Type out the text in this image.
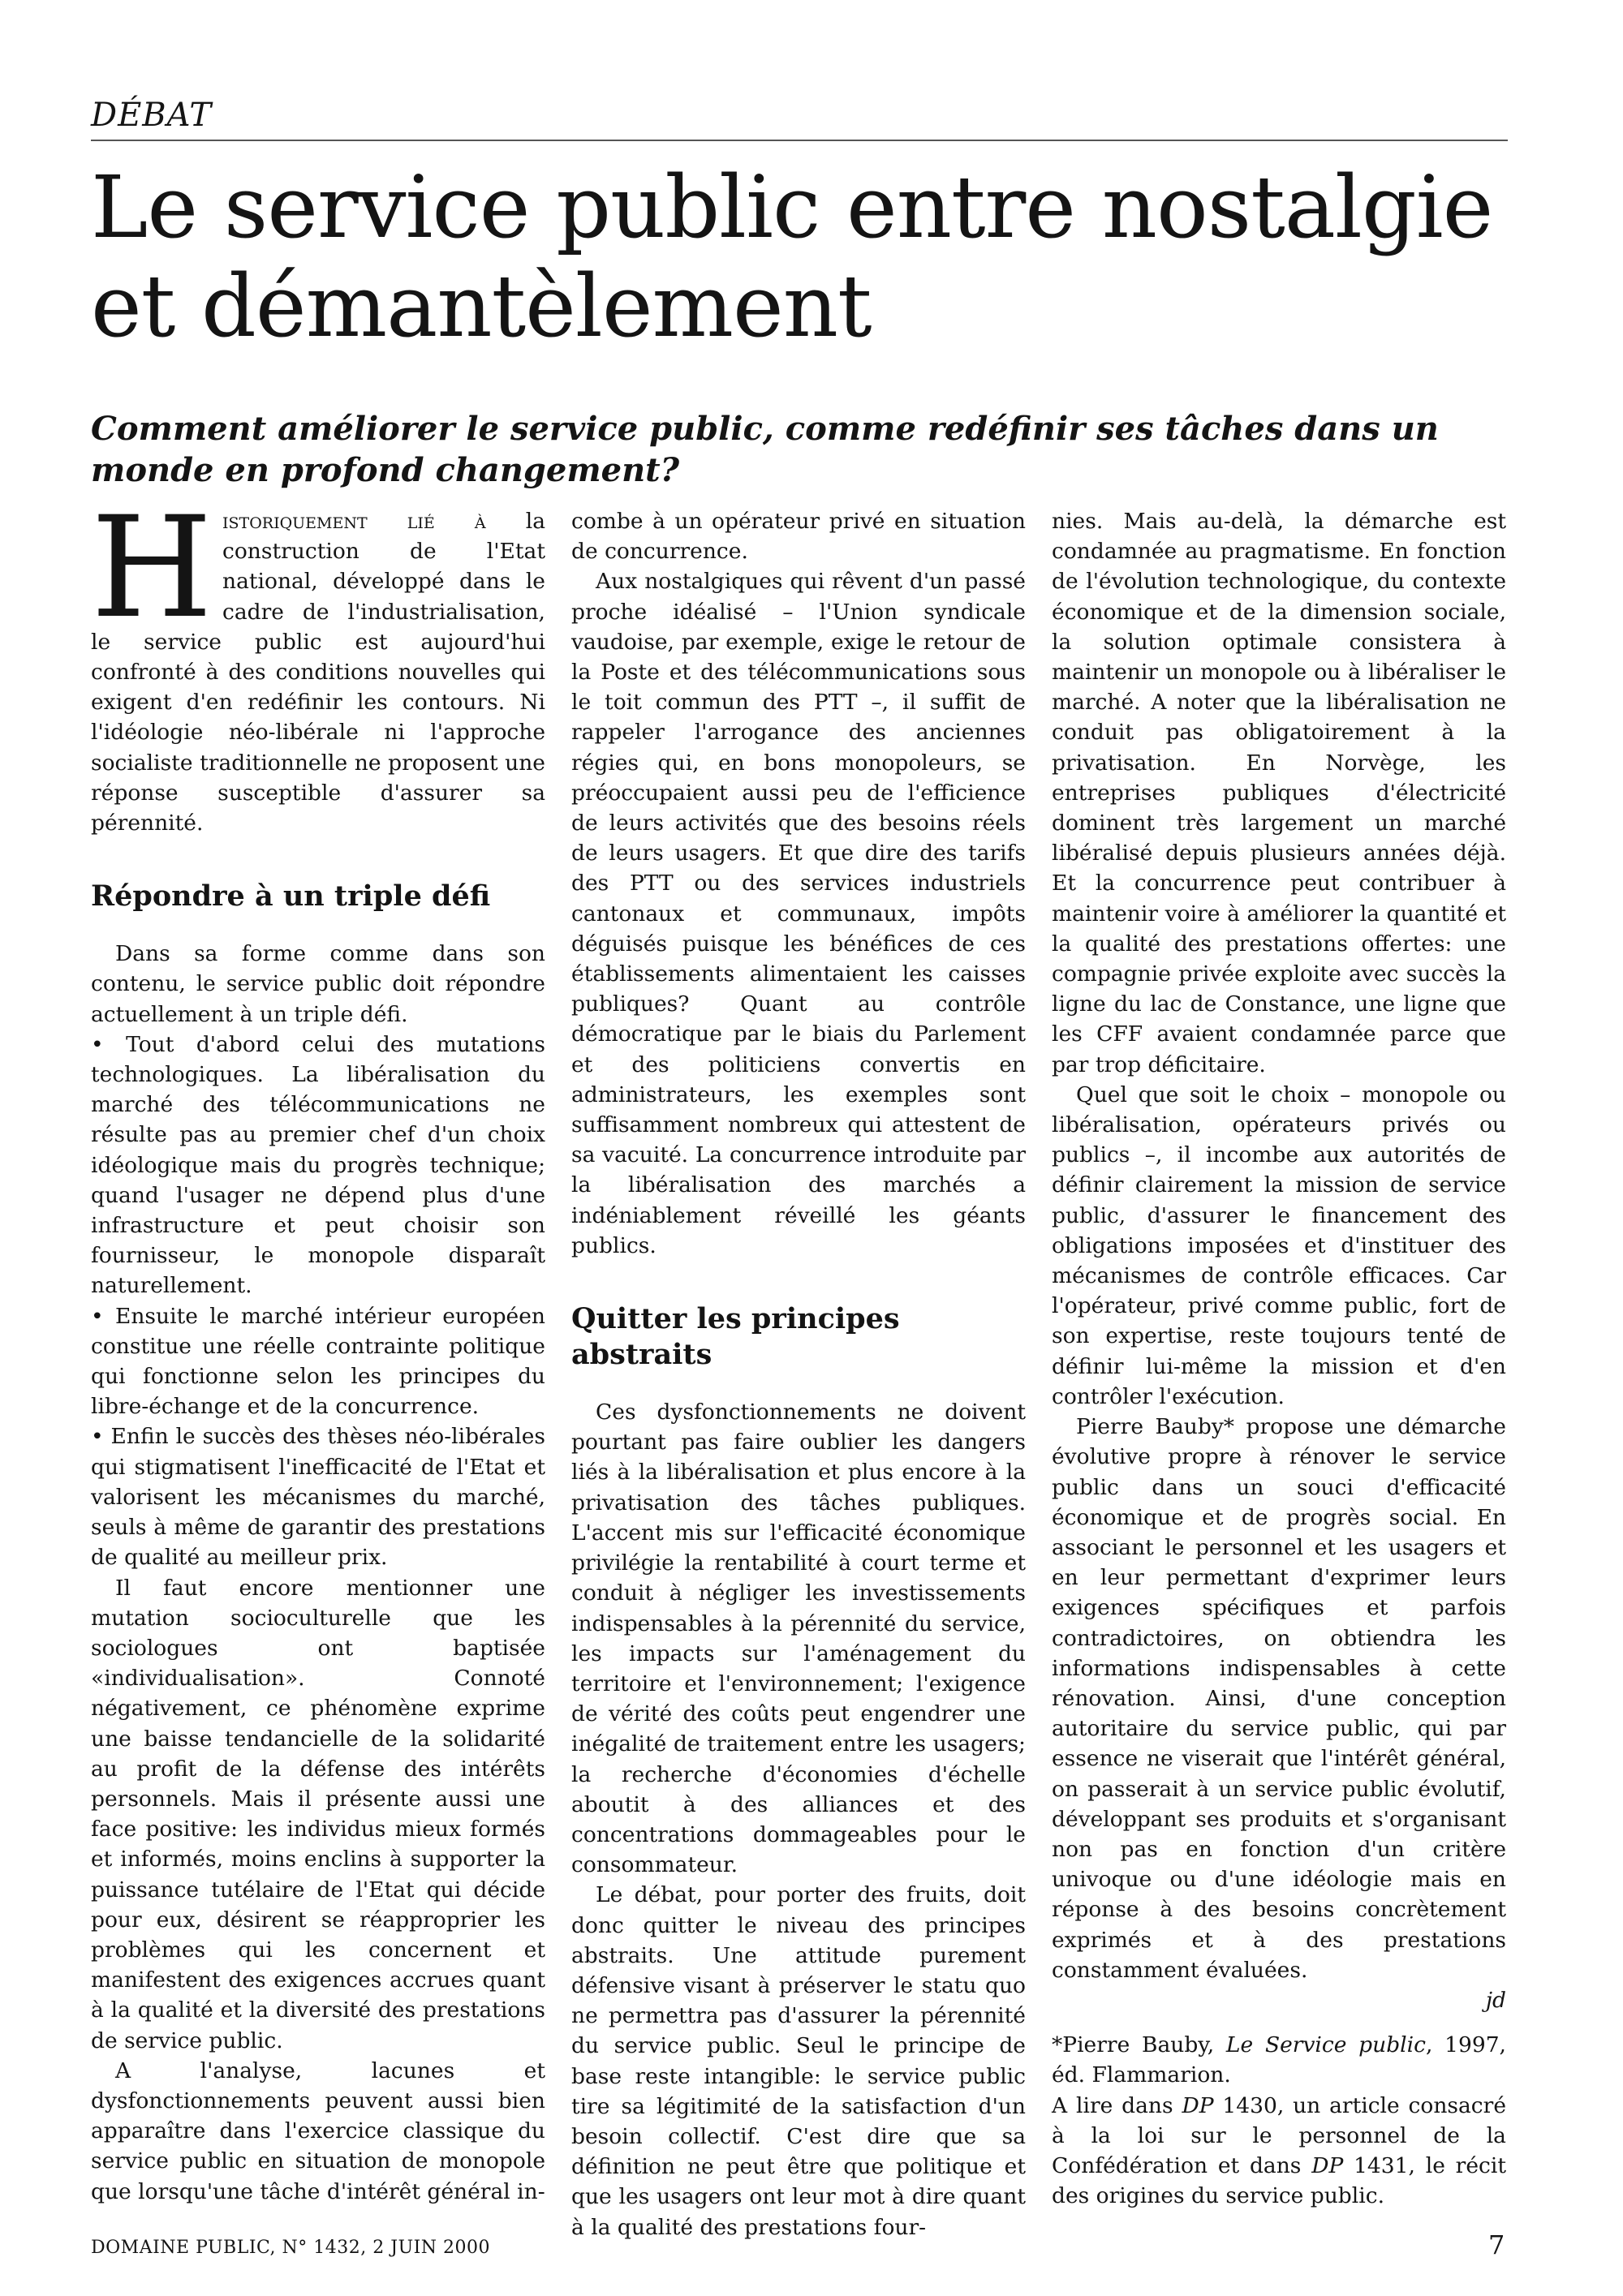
DÉBAT
Le service public entre nostalgie
et démantèlement

Comment améliorer le service public, comme redéfinir ses tâches dans un monde en profond changement?

Historiquement lié à la construction de l'Etat national, développé dans le cadre de l'industrialisation, le service public est aujourd'hui confronté à des conditions nouvelles qui exigent d'en redéfinir les contours. Ni l'idéologie néo-libérale ni l'approche socialiste traditionnelle ne proposent une réponse susceptible d'assurer sa pérennité.

Répondre à un triple défi

Dans sa forme comme dans son contenu, le service public doit répondre actuellement à un triple défi.

• Tout d'abord celui des mutations technologiques. La libéralisation du marché des télécommunications ne résulte pas au premier chef d'un choix idéologique mais du progrès technique; quand l'usager ne dépend plus d'une infrastructure et peut choisir son fournisseur, le monopole disparaît naturellement.

• Ensuite le marché intérieur européen constitue une réelle contrainte politique qui fonctionne selon les principes du libre-échange et de la concurrence.

• Enfin le succès des thèses néo-libérales qui stigmatisent l'inefficacité de l'Etat et valorisent les mécanismes du marché, seuls à même de garantir des prestations de qualité au meilleur prix.

Il faut encore mentionner une mutation socioculturelle que les sociologues ont baptisée «individualisation». Connoté négativement, ce phénomène exprime une baisse tendancielle de la solidarité au profit de la défense des intérêts personnels. Mais il présente aussi une face positive: les individus mieux formés et informés, moins enclins à supporter la puissance tutélaire de l'Etat qui décide pour eux, désirent se réapproprier les problèmes qui les concernent et manifestent des exigences accrues quant à la qualité et la diversité des prestations de service public.

A l'analyse, lacunes et dysfonctionnements peuvent aussi bien apparaître dans l'exercice classique du service public en situation de monopole que lorsqu'une tâche d'intérêt général in-

combe à un opérateur privé en situation de concurrence.

Aux nostalgiques qui rêvent d'un passé proche idéalisé – l'Union syndicale vaudoise, par exemple, exige le retour de la Poste et des télécommunications sous le toit commun des PTT –, il suffit de rappeler l'arrogance des anciennes régies qui, en bons monopoleurs, se préoccupaient aussi peu de l'efficience de leurs activités que des besoins réels de leurs usagers. Et que dire des tarifs des PTT ou des services industriels cantonaux et communaux, impôts déguisés puisque les bénéfices de ces établissements alimentaient les caisses publiques? Quant au contrôle démocratique par le biais du Parlement et des politiciens convertis en administrateurs, les exemples sont suffisamment nombreux qui attestent de sa vacuité. La concurrence introduite par la libéralisation des marchés a indéniablement réveillé les géants publics.

Quitter les principes abstraits

Ces dysfonctionnements ne doivent pourtant pas faire oublier les dangers liés à la libéralisation et plus encore à la privatisation des tâches publiques. L'accent mis sur l'efficacité économique privilégie la rentabilité à court terme et conduit à négliger les investissements indispensables à la pérennité du service, les impacts sur l'aménagement du territoire et l'environnement; l'exigence de vérité des coûts peut engendrer une inégalité de traitement entre les usagers; la recherche d'économies d'échelle aboutit à des alliances et des concentrations dommageables pour le consommateur.

Le débat, pour porter des fruits, doit donc quitter le niveau des principes abstraits. Une attitude purement défensive visant à préserver le statu quo ne permettra pas d'assurer la pérennité du service public. Seul le principe de base reste intangible: le service public tire sa légitimité de la satisfaction d'un besoin collectif. C'est dire que sa définition ne peut être que politique et que les usagers ont leur mot à dire quant à la qualité des prestations four-

nies. Mais au-delà, la démarche est condamnée au pragmatisme. En fonction de l'évolution technologique, du contexte économique et de la dimension sociale, la solution optimale consistera à maintenir un monopole ou à libéraliser le marché. A noter que la libéralisation ne conduit pas obligatoirement à la privatisation. En Norvège, les entreprises publiques d'électricité dominent très largement un marché libéralisé depuis plusieurs années déjà. Et la concurrence peut contribuer à maintenir voire à améliorer la quantité et la qualité des prestations offertes: une compagnie privée exploite avec succès la ligne du lac de Constance, une ligne que les CFF avaient condamnée parce que par trop déficitaire.

Quel que soit le choix – monopole ou libéralisation, opérateurs privés ou publics –, il incombe aux autorités de définir clairement la mission de service public, d'assurer le financement des obligations imposées et d'instituer des mécanismes de contrôle efficaces. Car l'opérateur, privé comme public, fort de son expertise, reste toujours tenté de définir lui-même la mission et d'en contrôler l'exécution.

Pierre Bauby* propose une démarche évolutive propre à rénover le service public dans un souci d'efficacité économique et de progrès social. En associant le personnel et les usagers et en leur permettant d'exprimer leurs exigences spécifiques et parfois contradictoires, on obtiendra les informations indispensables à cette rénovation. Ainsi, d'une conception autoritaire du service public, qui par essence ne viserait que l'intérêt général, on passerait à un service public évolutif, développant ses produits et s'organisant non pas en fonction d'un critère univoque ou d'une idéologie mais en réponse à des besoins concrètement exprimés et à des prestations constamment évaluées.

jd

*Pierre Bauby, Le Service public, 1997, éd. Flammarion.

A lire dans DP 1430, un article consacré à la loi sur le personnel de la Confédération et dans DP 1431, le récit des origines du service public.

DOMAINE PUBLIC, N° 1432, 2 JUIN 2000	7
